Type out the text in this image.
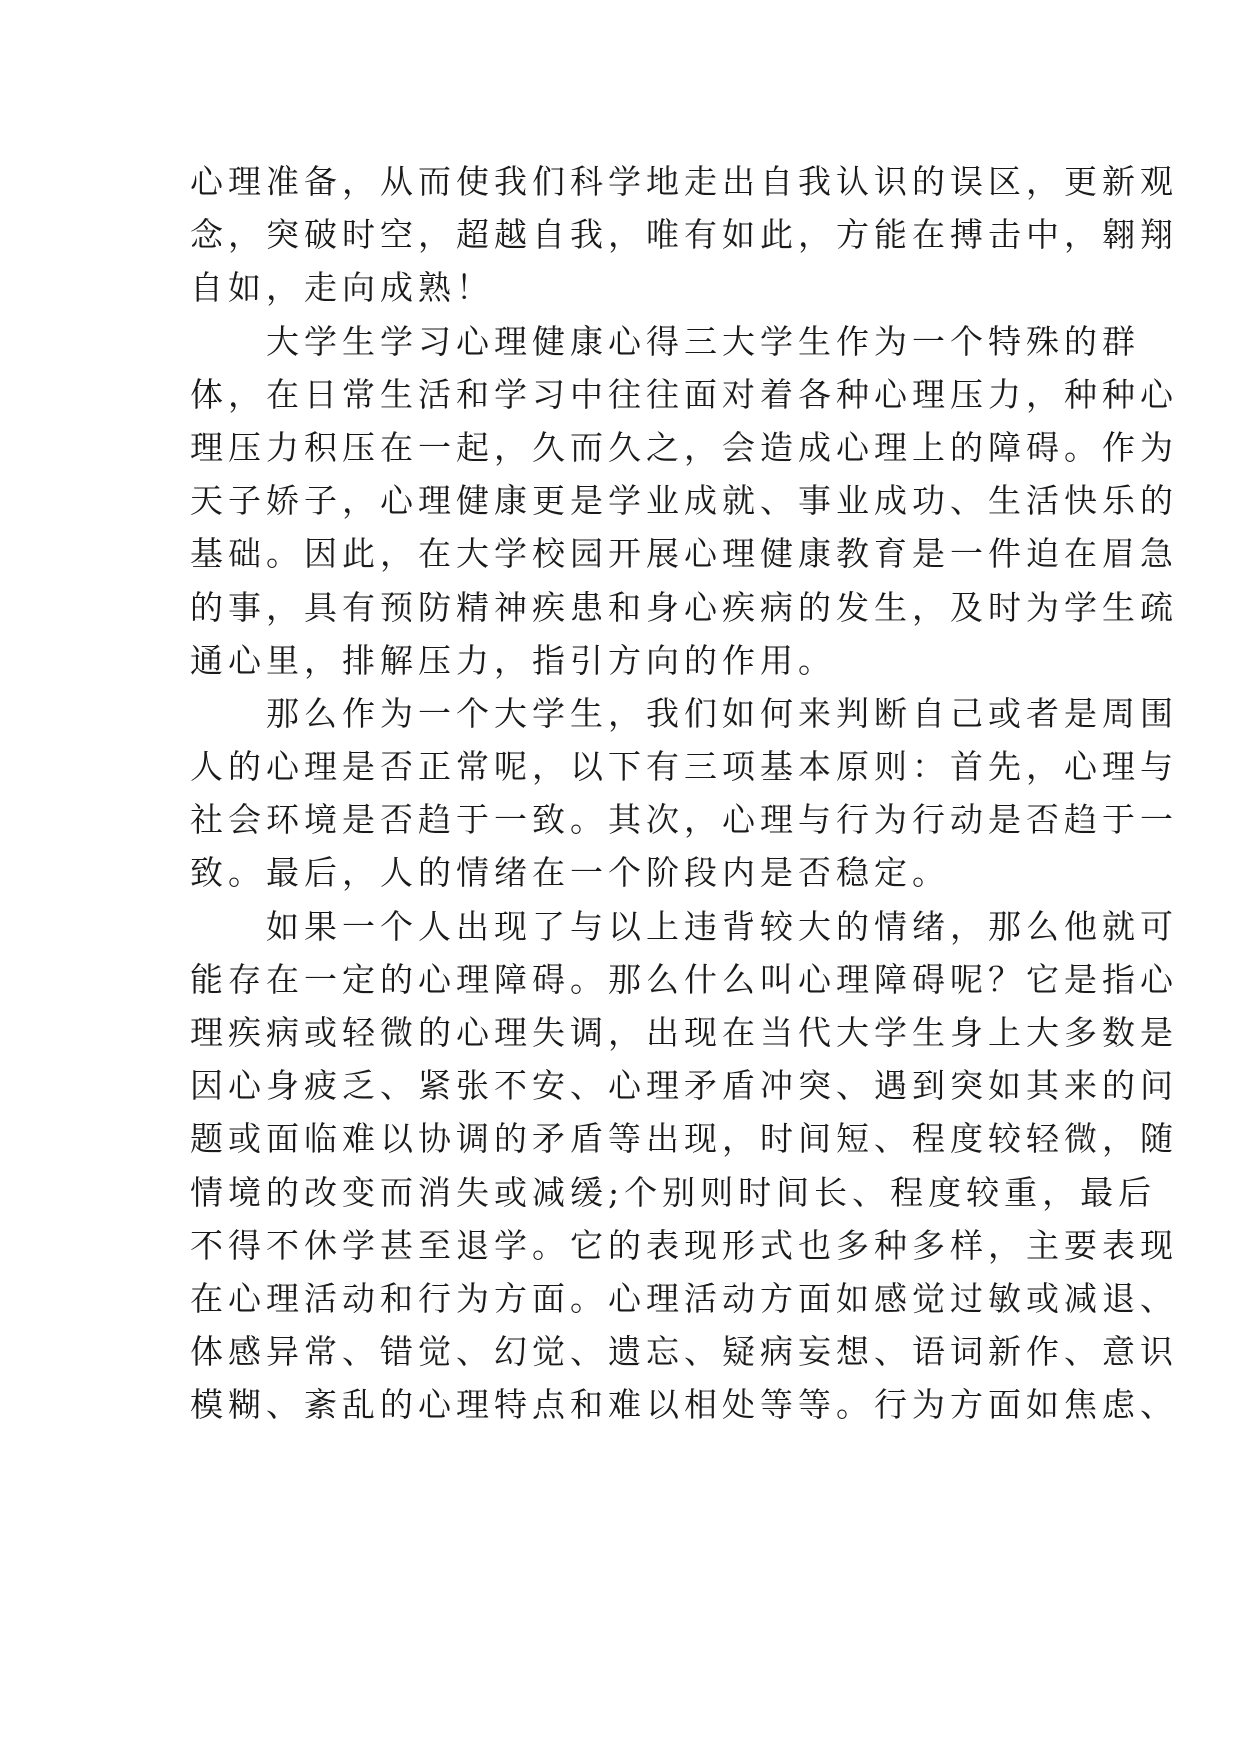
心理准备，从而使我们科学地走出自我认识的误区，更新观
念，突破时空，超越自我，唯有如此，方能在搏击中，翱翔
自如，走向成熟！
　　大学生学习心理健康心得三大学生作为一个特殊的群
体，在日常生活和学习中往往面对着各种心理压力，种种心
理压力积压在一起，久而久之，会造成心理上的障碍。作为
天子娇子，心理健康更是学业成就、事业成功、生活快乐的
基础。因此，在大学校园开展心理健康教育是一件迫在眉急
的事，具有预防精神疾患和身心疾病的发生，及时为学生疏
通心里，排解压力，指引方向的作用。
　　那么作为一个大学生，我们如何来判断自己或者是周围
人的心理是否正常呢，以下有三项基本原则：首先，心理与
社会环境是否趋于一致。其次，心理与行为行动是否趋于一
致。最后，人的情绪在一个阶段内是否稳定。
　　如果一个人出现了与以上违背较大的情绪，那么他就可
能存在一定的心理障碍。那么什么叫心理障碍呢？它是指心
理疾病或轻微的心理失调，出现在当代大学生身上大多数是
因心身疲乏、紧张不安、心理矛盾冲突、遇到突如其来的问
题或面临难以协调的矛盾等出现，时间短、程度较轻微，随
情境的改变而消失或减缓;个别则时间长、程度较重，最后
不得不休学甚至退学。它的表现形式也多种多样，主要表现
在心理活动和行为方面。心理活动方面如感觉过敏或减退、
体感异常、错觉、幻觉、遗忘、疑病妄想、语词新作、意识
模糊、紊乱的心理特点和难以相处等等。行为方面如焦虑、
